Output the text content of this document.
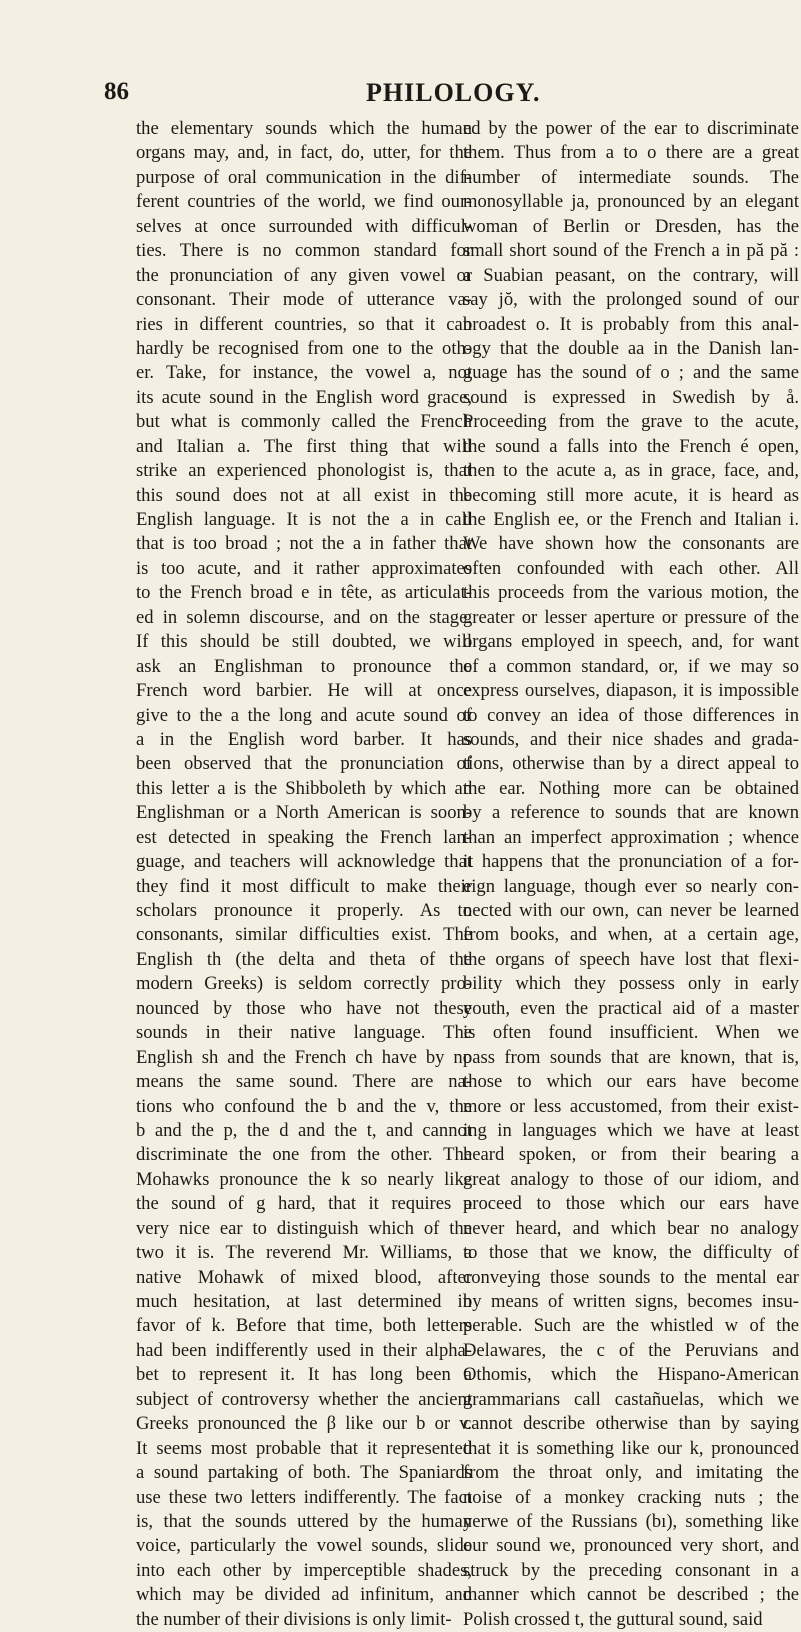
86	PHILOLOGY.
the elementary sounds which the human
organs may, and, in fact, do, utter, for the
purpose of oral communication in the dif-
ferent countries of the world, we find our-
selves at once surrounded with difficul-
ties. There is no common standard for
the pronunciation of any given vowel or
consonant. Their mode of utterance va-
ries in different countries, so that it can
hardly be recognised from one to the oth-
er. Take, for instance, the vowel a, not
its acute sound in the English word grace,
but what is commonly called the French
and Italian a. The first thing that will
strike an experienced phonologist is, that
this sound does not at all exist in the
English language. It is not the a in call
that is too broad ; not the a in father that
is too acute, and it rather approximates
to the French broad e in tête, as articulat-
ed in solemn discourse, and on the stage.
If this should be still doubted, we will
ask an Englishman to pronounce the
French word barbier. He will at once
give to the a the long and acute sound of
a in the English word barber. It has
been observed that the pronunciation of
this letter a is the Shibboleth by which an
Englishman or a North American is soon-
est detected in speaking the French lan-
guage, and teachers will acknowledge that
they find it most difficult to make their
scholars pronounce it properly. As to
consonants, similar difficulties exist. The
English th (the delta and theta of the
modern Greeks) is seldom correctly pro-
nounced by those who have not these
sounds in their native language. The
English sh and the French ch have by no
means the same sound. There are na-
tions who confound the b and the v, the
b and the p, the d and the t, and cannot
discriminate the one from the other. The
Mohawks pronounce the k so nearly like
the sound of g hard, that it requires a
very nice ear to distinguish which of the
two it is. The reverend Mr. Williams, a
native Mohawk of mixed blood, after
much hesitation, at last determined in
favor of k. Before that time, both letters
had been indifferently used in their alpha-
bet to represent it. It has long been a
subject of controversy whether the ancient
Greeks pronounced the β like our b or v.
It seems most probable that it represented
a sound partaking of both. The Spaniards
use these two letters indifferently. The fact
is, that the sounds uttered by the human
voice, particularly the vowel sounds, slide
into each other by imperceptible shades,
which may be divided ad infinitum, and
the number of their divisions is only limit-
ed by the power of the ear to discriminate
them. Thus from a to o there are a great
number of intermediate sounds. The
monosyllable ja, pronounced by an elegant
woman of Berlin or Dresden, has the
small short sound of the French a in pă pă :
a Suabian peasant, on the contrary, will
say jŏ, with the prolonged sound of our
broadest o. It is probably from this anal-
ogy that the double aa in the Danish lan-
guage has the sound of o ; and the same
sound is expressed in Swedish by å.
Proceeding from the grave to the acute,
the sound a falls into the French é open,
then to the acute a, as in grace, face, and,
becoming still more acute, it is heard as
the English ee, or the French and Italian i.
We have shown how the consonants are
often confounded with each other. All
this proceeds from the various motion, the
greater or lesser aperture or pressure of the
organs employed in speech, and, for want
of a common standard, or, if we may so
express ourselves, diapason, it is impossible
to convey an idea of those differences in
sounds, and their nice shades and grada-
tions, otherwise than by a direct appeal to
the ear. Nothing more can be obtained
by a reference to sounds that are known
than an imperfect approximation ; whence
it happens that the pronunciation of a for-
eign language, though ever so nearly con-
nected with our own, can never be learned
from books, and when, at a certain age,
the organs of speech have lost that flexi-
bility which they possess only in early
youth, even the practical aid of a master
is often found insufficient. When we
pass from sounds that are known, that is,
those to which our ears have become
more or less accustomed, from their exist-
ing in languages which we have at least
heard spoken, or from their bearing a
great analogy to those of our idiom, and
proceed to those which our ears have
never heard, and which bear no analogy
to those that we know, the difficulty of
conveying those sounds to the mental ear
by means of written signs, becomes insu-
perable. Such are the whistled w of the
Delawares, the c of the Peruvians and
Othomis, which the Hispano-American
grammarians call castañuelas, which we
cannot describe otherwise than by saying
that it is something like our k, pronounced
from the throat only, and imitating the
noise of a monkey cracking nuts ; the
yerwe of the Russians (bı), something like
our sound we, pronounced very short, and
struck by the preceding consonant in a
manner which cannot be described ; the
Polish crossed t, the guttural sound, said
